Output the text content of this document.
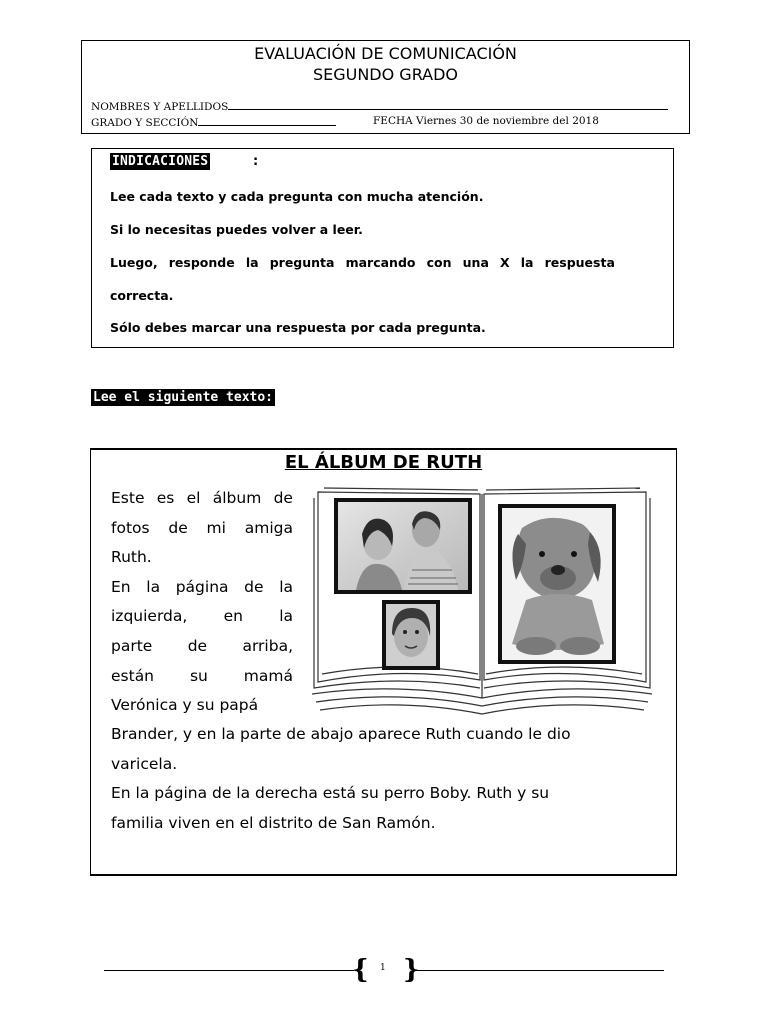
EVALUACIÓN DE COMUNICACIÓN
SEGUNDO GRADO
NOMBRES Y APELLIDOS
GRADO Y SECCIÓN	FECHA Viernes 30 de noviembre del 2018
INDICACIONES	:
Lee cada texto y cada pregunta con mucha atención.
Si lo necesitas puedes volver a leer.
Luego, responde la pregunta marcando con una X la respuesta
correcta.
Sólo debes marcar una respuesta por cada pregunta.
Lee el siguiente texto:
EL ÁLBUM DE RUTH
Este es el álbum de
fotos de mi amiga
Ruth.
En la página de la
izquierda, en la
parte de arriba,
están su mamá
Verónica y su papá
Brander, y en la parte de abajo aparece Ruth cuando le dio
varicela.
En la página de la derecha está su perro Boby. Ruth y su
familia viven en el distrito de San Ramón.
{ }
1
